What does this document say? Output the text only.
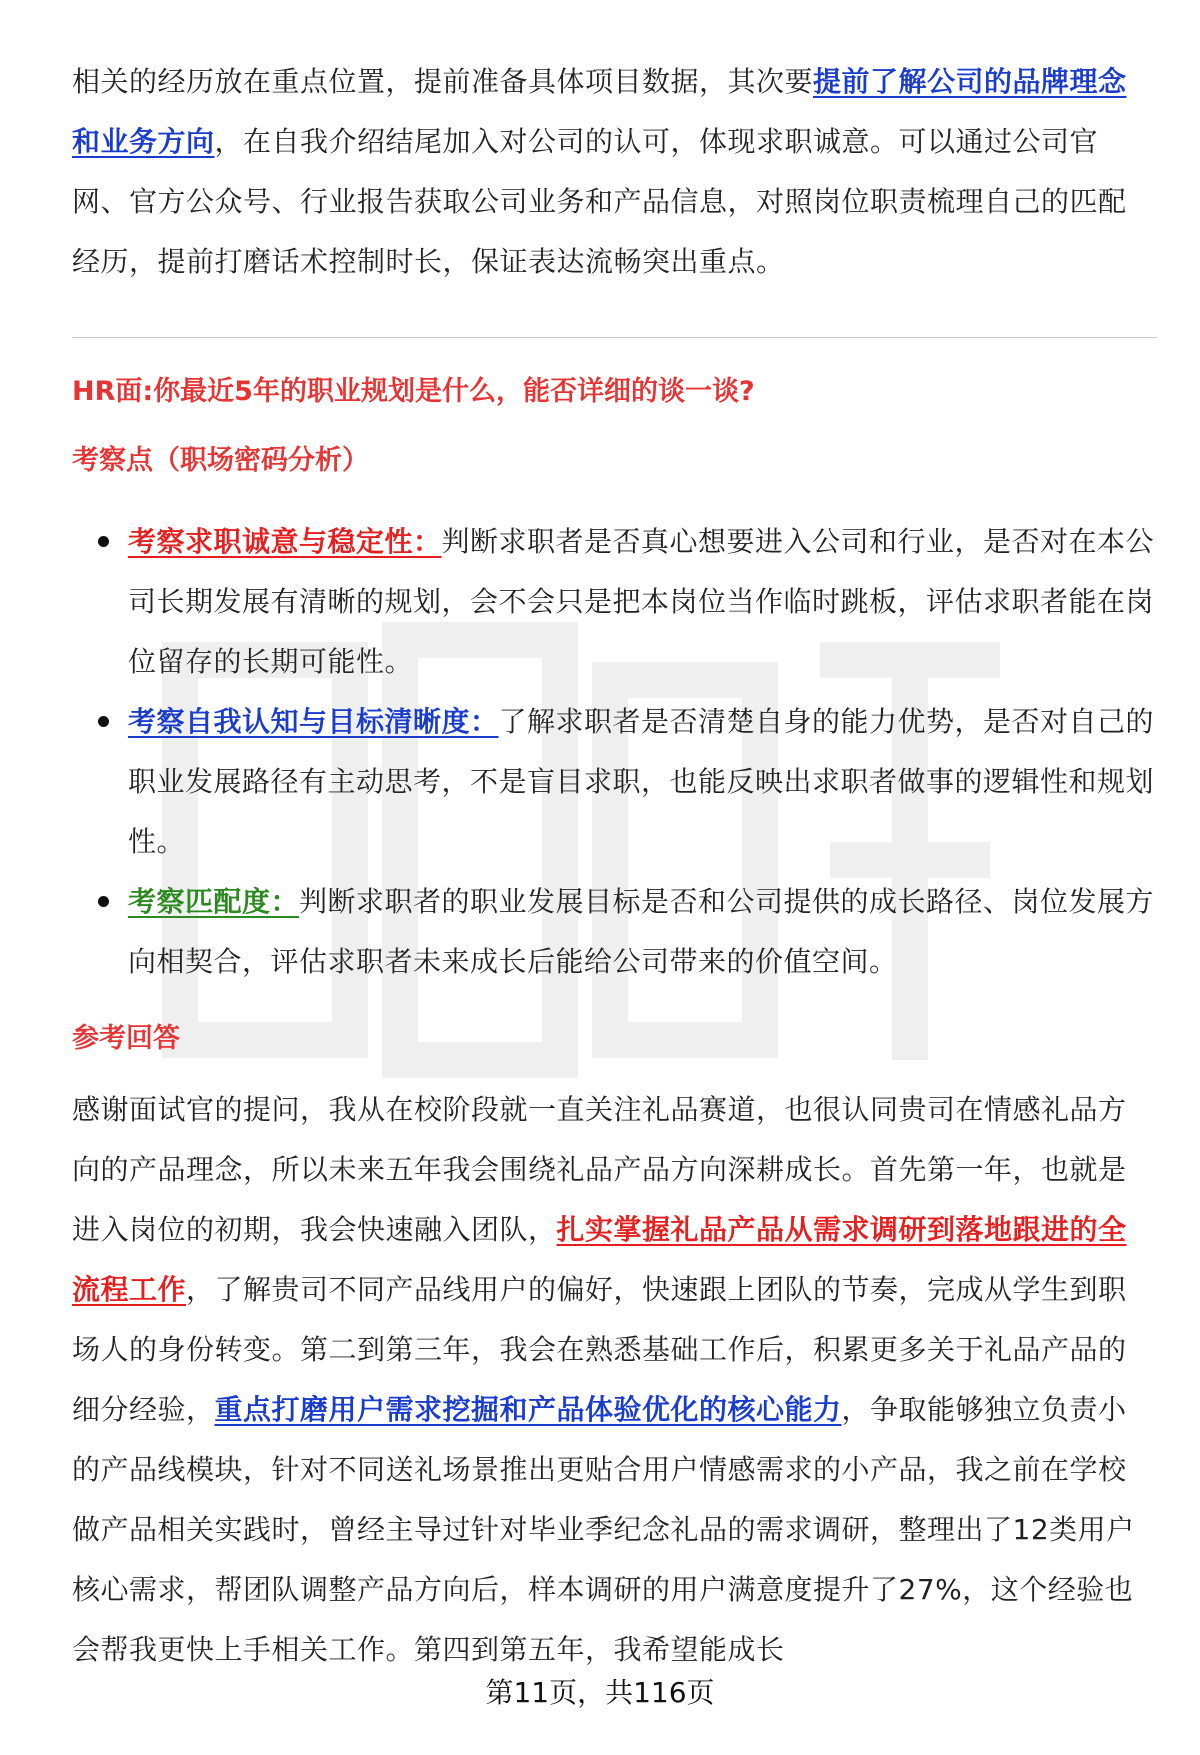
相关的经历放在重点位置，提前准备具体项目数据，其次要提前了解公司的品牌理念和业务方向，在自我介绍结尾加入对公司的认可，体现求职诚意。可以通过公司官网、官方公众号、行业报告获取公司业务和产品信息，对照岗位职责梳理自己的匹配经历，提前打磨话术控制时长，保证表达流畅突出重点。
HR面:你最近5年的职业规划是什么，能否详细的谈一谈?
考察点（职场密码分析）
考察求职诚意与稳定性：判断求职者是否真心想要进入公司和行业，是否对在本公司长期发展有清晰的规划，会不会只是把本岗位当作临时跳板，评估求职者能在岗位留存的长期可能性。
考察自我认知与目标清晰度：了解求职者是否清楚自身的能力优势，是否对自己的职业发展路径有主动思考，不是盲目求职，也能反映出求职者做事的逻辑性和规划性。
考察匹配度：判断求职者的职业发展目标是否和公司提供的成长路径、岗位发展方向相契合，评估求职者未来成长后能给公司带来的价值空间。
参考回答
感谢面试官的提问，我从在校阶段就一直关注礼品赛道，也很认同贵司在情感礼品方向的产品理念，所以未来五年我会围绕礼品产品方向深耕成长。首先第一年，也就是进入岗位的初期，我会快速融入团队，扎实掌握礼品产品从需求调研到落地跟进的全流程工作，了解贵司不同产品线用户的偏好，快速跟上团队的节奏，完成从学生到职场人的身份转变。第二到第三年，我会在熟悉基础工作后，积累更多关于礼品产品的细分经验，重点打磨用户需求挖掘和产品体验优化的核心能力，争取能够独立负责小的产品线模块，针对不同送礼场景推出更贴合用户情感需求的小产品，我之前在学校做产品相关实践时，曾经主导过针对毕业季纪念礼品的需求调研，整理出了12类用户核心需求，帮团队调整产品方向后，样本调研的用户满意度提升了27%，这个经验也会帮我更快上手相关工作。第四到第五年，我希望能成长
第11页，共116页
